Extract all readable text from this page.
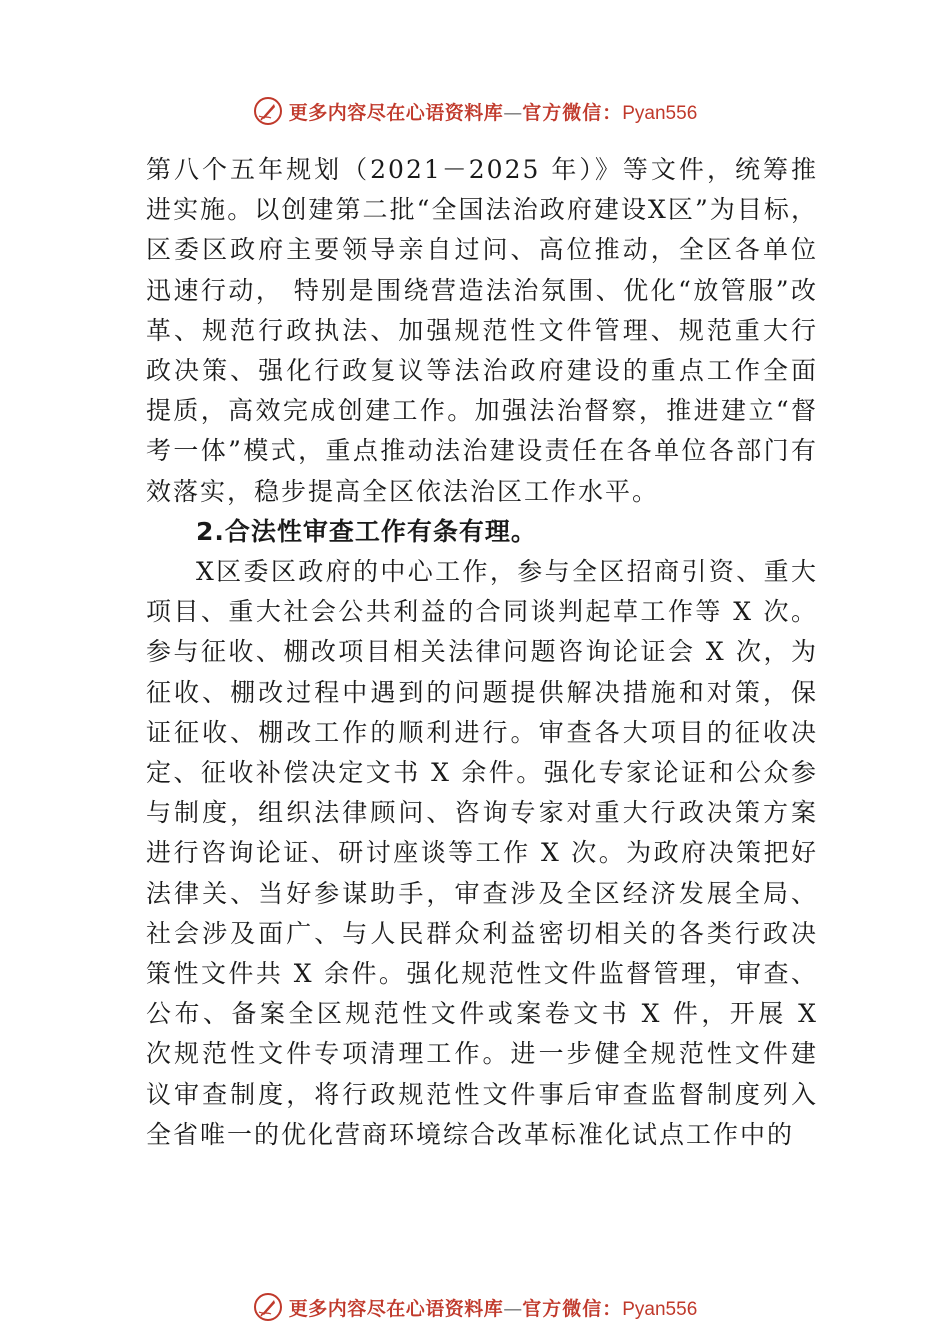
更多内容尽在心语资料库 — 官方微信： Pyan556

第八个五年规划（2021－2025 年）》等文件，统筹推进实施。以创建第二批“全国法治政府建设Ⅹ区”为目标，区委区政府主要领导亲自过问、高位推动，全区各单位迅速行动， 特别是围绕营造法治氛围、优化“放管服”改革、规范行政执法、加强规范性文件管理、规范重大行政决策、强化行政复议等法治政府建设的重点工作全面提质，高效完成创建工作。加强法治督察，推进建立“督考一体”模式，重点推动法治建设责任在各单位各部门有效落实，稳步提高全区依法治区工作水平。

2.合法性审查工作有条有理。

Ⅹ区委区政府的中心工作，参与全区招商引资、重大项目、重大社会公共利益的合同谈判起草工作等 X 次。参与征收、棚改项目相关法律问题咨询论证会 X 次，为征收、棚改过程中遇到的问题提供解决措施和对策，保证征收、棚改工作的顺利进行。审查各大项目的征收决定、征收补偿决定文书 X 余件。强化专家论证和公众参与制度，组织法律顾问、咨询专家对重大行政决策方案进行咨询论证、研讨座谈等工作 X 次。为政府决策把好法律关、当好参谋助手，审查涉及全区经济发展全局、社会涉及面广、与人民群众利益密切相关的各类行政决策性文件共 X 余件。强化规范性文件监督管理，审查、公布、备案全区规范性文件或案卷文书 X 件，开展 X 次规范性文件专项清理工作。进一步健全规范性文件建议审查制度，将行政规范性文件事后审查监督制度列入全省唯一的优化营商环境综合改革标准化试点工作中的

更多内容尽在心语资料库 — 官方微信： Pyan556
